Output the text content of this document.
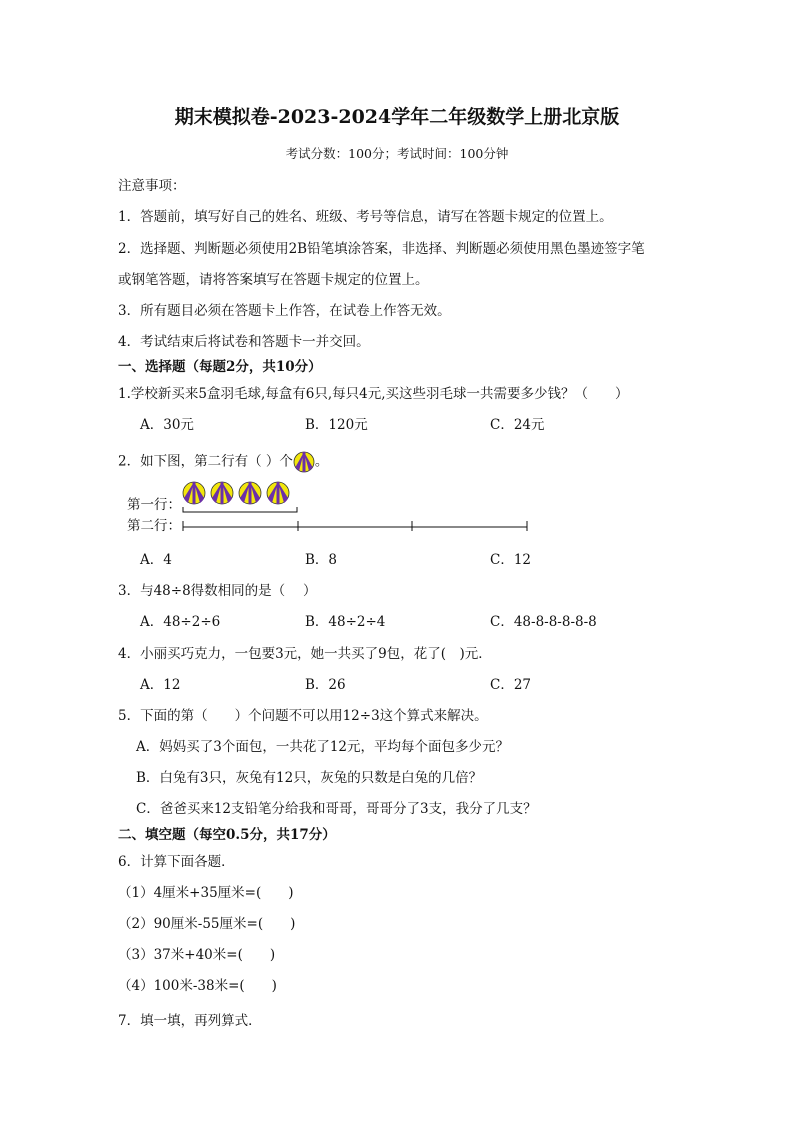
期末模拟卷-2023-2024学年二年级数学上册北京版
考试分数：100分；考试时间：100分钟
注意事项：
1．答题前，填写好自己的姓名、班级、考号等信息，请写在答题卡规定的位置上。
2．选择题、判断题必须使用2B铅笔填涂答案，非选择、判断题必须使用黑色墨迹签字笔
或钢笔答题，请将答案填写在答题卡规定的位置上。
3．所有题目必须在答题卡上作答，在试卷上作答无效。
4．考试结束后将试卷和答题卡一并交回。
一、选择题（每题2分，共10分）
1.学校新买来5盒羽毛球,每盒有6只,每只4元,买这些羽毛球一共需要多少钱？（　　）
A．30元	B．120元	C．24元
2．如下图，第二行有（ ）个 。
第一行：
第二行：
A．4	B．8	C．12
3．与48÷8得数相同的是（　 ）
A．48÷2÷6	B．48÷2÷4	C．48-8-8-8-8-8
4．小丽买巧克力，一包要3元，她一共买了9包，花了(　)元．
A．12	B．26	C．27
5．下面的第（　　）个问题不可以用12÷3这个算式来解决。
A．妈妈买了3个面包，一共花了12元，平均每个面包多少元？
B．白兔有3只，灰兔有12只，灰兔的只数是白兔的几倍？
C．爸爸买来12支铅笔分给我和哥哥，哥哥分了3支，我分了几支？
二、填空题（每空0.5分，共17分）
6．计算下面各题．
（1）4厘米+35厘米=(　　)
（2）90厘米-55厘米=(　　)
（3）37米+40米=(　　)
（4）100米-38米=(　　)
7．填一填，再列算式．
